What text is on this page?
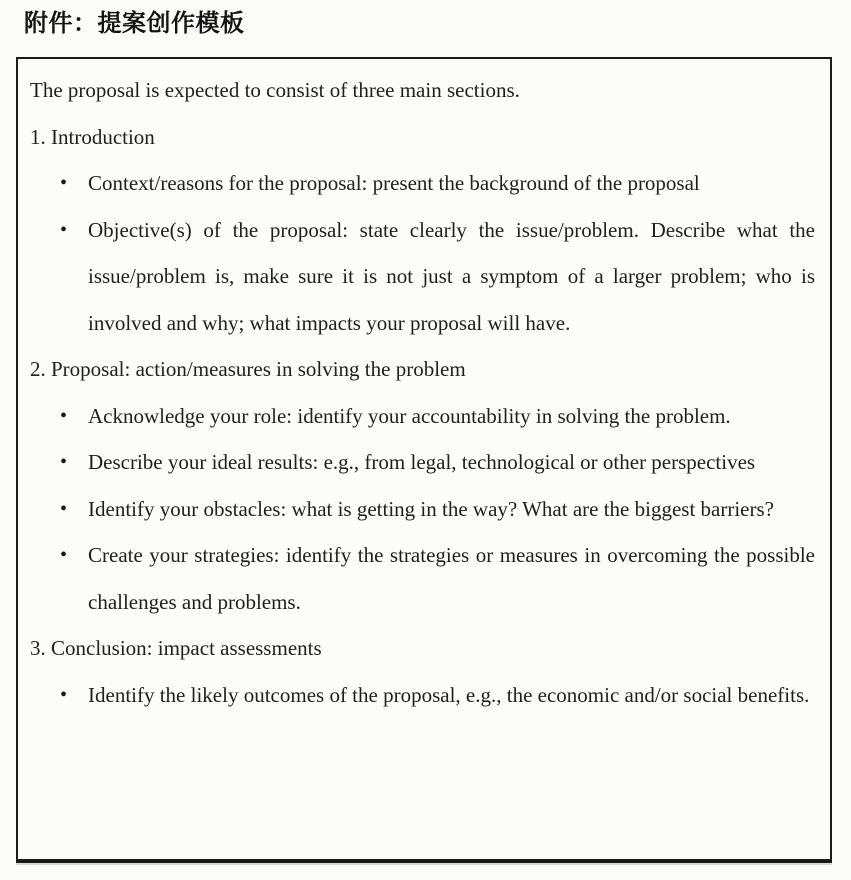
附件：提案创作模板

The proposal is expected to consist of three main sections.

1. Introduction

• Context/reasons for the proposal: present the background of the proposal
• Objective(s) of the proposal: state clearly the issue/problem. Describe what the issue/problem is, make sure it is not just a symptom of a larger problem; who is involved and why; what impacts your proposal will have.

2. Proposal: action/measures in solving the problem

• Acknowledge your role: identify your accountability in solving the problem.
• Describe your ideal results: e.g., from legal, technological or other perspectives
• Identify your obstacles: what is getting in the way? What are the biggest barriers?
• Create your strategies: identify the strategies or measures in overcoming the possible challenges and problems.

3. Conclusion: impact assessments

• Identify the likely outcomes of the proposal, e.g., the economic and/or social benefits.
